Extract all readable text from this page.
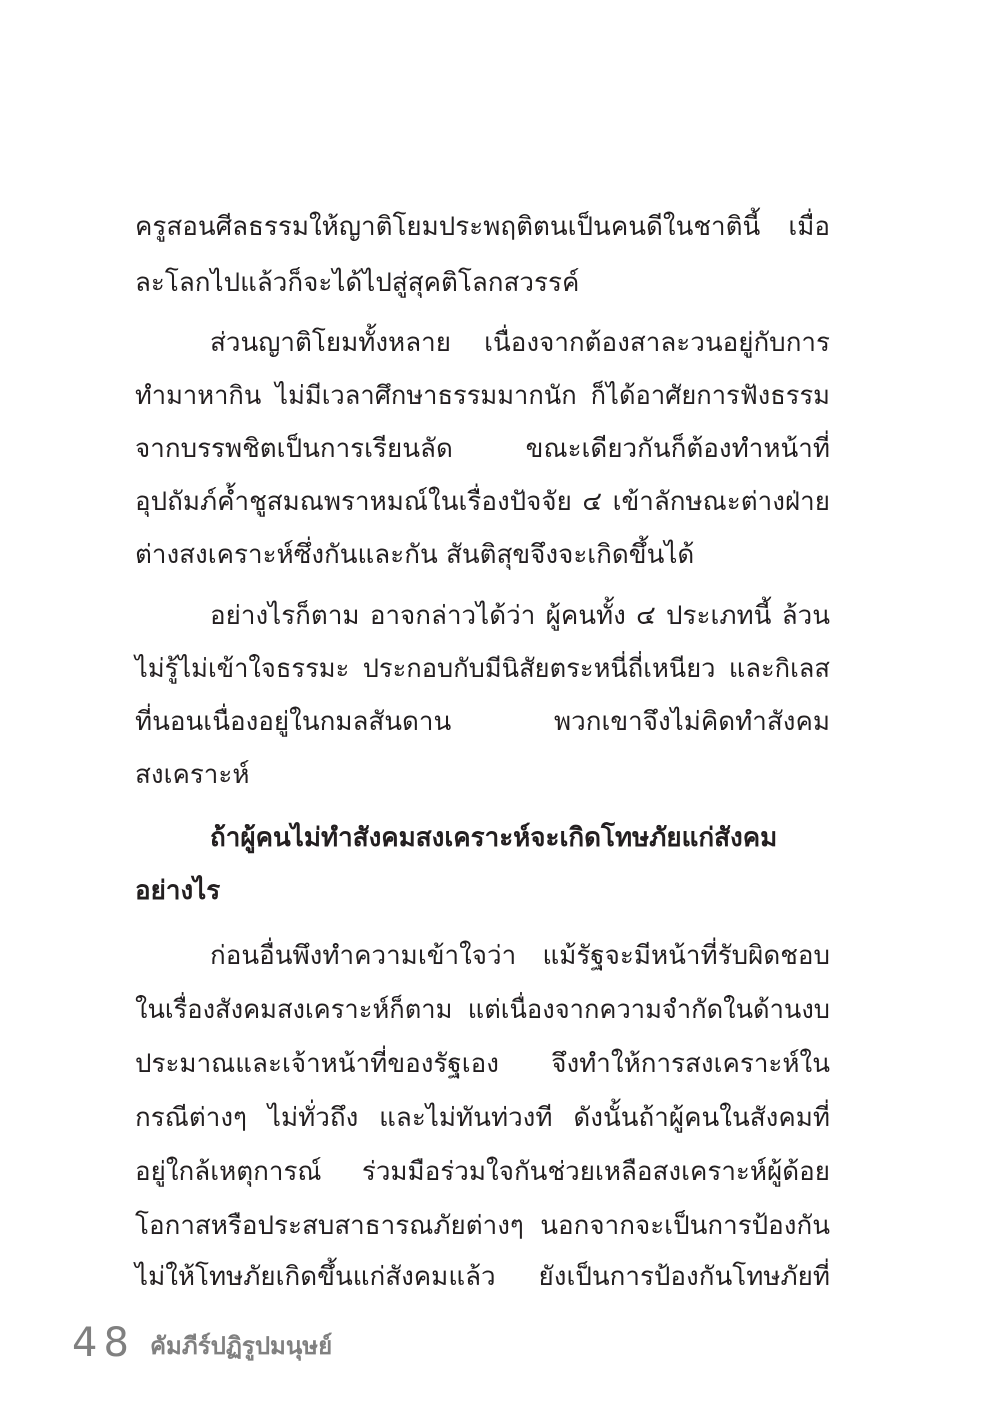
ครูสอนศีลธรรมให้ญาติโยมประพฤติตนเป็นคนดีในชาตินี้ เมื่อ
ละโลกไปแล้วก็จะได้ไปสู่สุคติโลกสวรรค์
ส่วนญาติโยมทั้งหลาย เนื่องจากต้องสาละวนอยู่กับการ
ทำมาหากิน ไม่มีเวลาศึกษาธรรมมากนัก ก็ได้อาศัยการฟังธรรม
จากบรรพชิตเป็นการเรียนลัด ขณะเดียวกันก็ต้องทำหน้าที่
อุปถัมภ์ค้ำชูสมณพราหมณ์ในเรื่องปัจจัย ๔ เข้าลักษณะต่างฝ่าย
ต่างสงเคราะห์ซึ่งกันและกัน สันติสุขจึงจะเกิดขึ้นได้
อย่างไรก็ตาม อาจกล่าวได้ว่า ผู้คนทั้ง ๔ ประเภทนี้ ล้วน
ไม่รู้ไม่เข้าใจธรรมะ ประกอบกับมีนิสัยตระหนี่ถี่เหนียว และกิเลส
ที่นอนเนื่องอยู่ในกมลสันดาน พวกเขาจึงไม่คิดทำสังคม
สงเคราะห์
ถ้าผู้คนไม่ทำสังคมสงเคราะห์จะเกิดโทษภัยแก่สังคม
อย่างไร
ก่อนอื่นพึงทำความเข้าใจว่า แม้รัฐจะมีหน้าที่รับผิดชอบ
ในเรื่องสังคมสงเคราะห์ก็ตาม แต่เนื่องจากความจำกัดในด้านงบ
ประมาณและเจ้าหน้าที่ของรัฐเอง จึงทำให้การสงเคราะห์ใน
กรณีต่างๆ ไม่ทั่วถึง และไม่ทันท่วงที ดังนั้นถ้าผู้คนในสังคมที่
อยู่ใกล้เหตุการณ์ ร่วมมือร่วมใจกันช่วยเหลือสงเคราะห์ผู้ด้อย
โอกาสหรือประสบสาธารณภัยต่างๆ นอกจากจะเป็นการป้องกัน
ไม่ให้โทษภัยเกิดขึ้นแก่สังคมแล้ว ยังเป็นการป้องกันโทษภัยที่
48 คัมภีร์ปฏิรูปมนุษย์
